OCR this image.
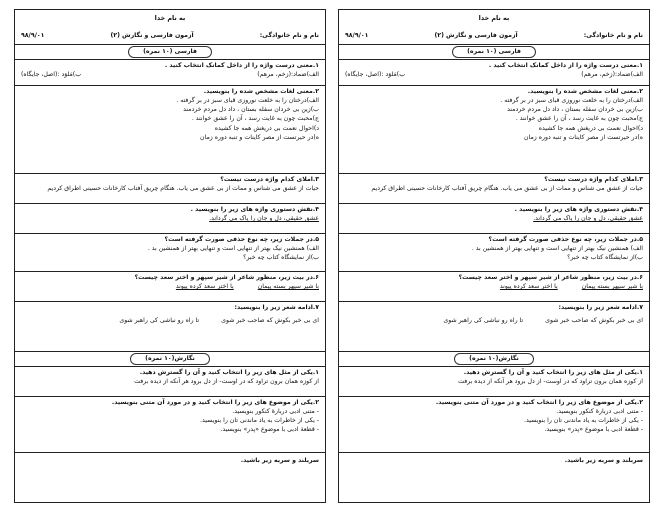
به نام خدا
نام و نام خانوادگی:
آزمون فارسی و نگارش (۲)
۹۸/۹/۰۱
فارسی (۱۰ نمره)
۱.معنی درست واژه را از داخل کمانک انتخاب کنید .
الف)ضماد:(زخم، مرهم)
ب)مَلوَد :(اصل، جایگاه)
۲.معنی لغات مشخص شده را بنویسید.
الف)درختان را به خلعت نوروزی قبای سبز در بر گرفته .
ب)زین بی خردان سفله بستان ، داد دل مردم خردمند
ج)محبت چون به غایت رسد ، آن را عشق خوانند .
د)احوال نعمت بی دریغش همه جا کشیده
ه)در حیرتست از مصر کاینات و تنبه دوره زمان
۳.املای کدام واژه درست نیست؟
حیات از عشق می شناس و ممات از بی عشق می یاب. هنگام چریق آفتاب کارخانات حسینی اطراق کردیم
۴.نقش دستوری واژه های زیر را بنویسید .
عشق حقیقی، دل و جان را پاک می گرداند.
۵.در جملات زیر، چه نوع حذفی صورت گرفته است؟
الف) همنشین نیک بهتر از تنهایی است و تنهایی بهتر از همنشین بد .
ب)از نمایشگاه کتاب چه خبر؟
۶.در بیت زیر، منظور شاعر از شیر سپهر و اختر سعد چیست؟
با شیر سپهر بسته پیمان
با اختر سعد کرده پیوند
۷.ادامه شعر زیر را بنویسید:
ای بی خبر بکوش که صاحب خبر شوی
تا راه رو نباشی کی راهبر شوی
نگارش(۱۰ نمره)
۱.یکی از مثل های زیر را انتخاب کنید و آن را گسترش دهید.
از کوزه همان برون تراود که در اوست- از دل برود هر آنکه از دیده برفت
۲.یکی از موضوع های زیر را انتخاب کنید و در مورد آن متنی بنویسید.
- متنی ادبی دربارهٔ کنکور بنویسید.
- یکی از خاطرات به یاد ماندنی تان را بنویسید.
- قطعهٔ ادبی با موضوع «پدر» بنویسید.
سربلند و سربه زیر باشید.
به نام خدا
نام و نام خانوادگی:
آزمون فارسی و نگارش (۲)
۹۸/۹/۰۱
فارسی (۱۰ نمره)
۱.معنی درست واژه را از داخل کمانک انتخاب کنید .
الف)ضماد:(زخم، مرهم)
ب)مَلوَد :(اصل، جایگاه)
۲.معنی لغات مشخص شده را بنویسید.
الف)درختان را به خلعت نوروزی قبای سبز در بر گرفته .
ب)زین بی خردان سفله بستان ، داد دل مردم خردمند
ج)محبت چون به غایت رسد ، آن را عشق خوانند .
د)احوال نعمت بی دریغش همه جا کشیده
ه)در حیرتست از مصر کاینات و تنبه دوره زمان
۳.املای کدام واژه درست نیست؟
حیات از عشق می شناس و ممات از بی عشق می یاب. هنگام چریق آفتاب کارخانات حسینی اطراق کردیم
۴.نقش دستوری واژه های زیر را بنویسید .
عشق حقیقی، دل و جان را پاک می گرداند.
۵.در جملات زیر، چه نوع حذفی صورت گرفته است؟
الف) همنشین نیک بهتر از تنهایی است و تنهایی بهتر از همنشین بد .
ب)از نمایشگاه کتاب چه خبر؟
۶.در بیت زیر، منظور شاعر از شیر سپهر و اختر سعد چیست؟
با شیر سپهر بسته پیمان
با اختر سعد کرده پیوند
۷.ادامه شعر زیر را بنویسید:
ای بی خبر بکوش که صاحب خبر شوی
تا راه رو نباشی کی راهبر شوی
نگارش(۱۰ نمره)
۱.یکی از مثل های زیر را انتخاب کنید و آن را گسترش دهید.
از کوزه همان برون تراود که در اوست- از دل برود هر آنکه از دیده برفت
۲.یکی از موضوع های زیر را انتخاب کنید و در مورد آن متنی بنویسید.
- متنی ادبی دربارهٔ کنکور بنویسید.
- یکی از خاطرات به یاد ماندنی تان را بنویسید.
- قطعهٔ ادبی با موضوع «پدر» بنویسید.
سربلند و سربه زیر باشید.
